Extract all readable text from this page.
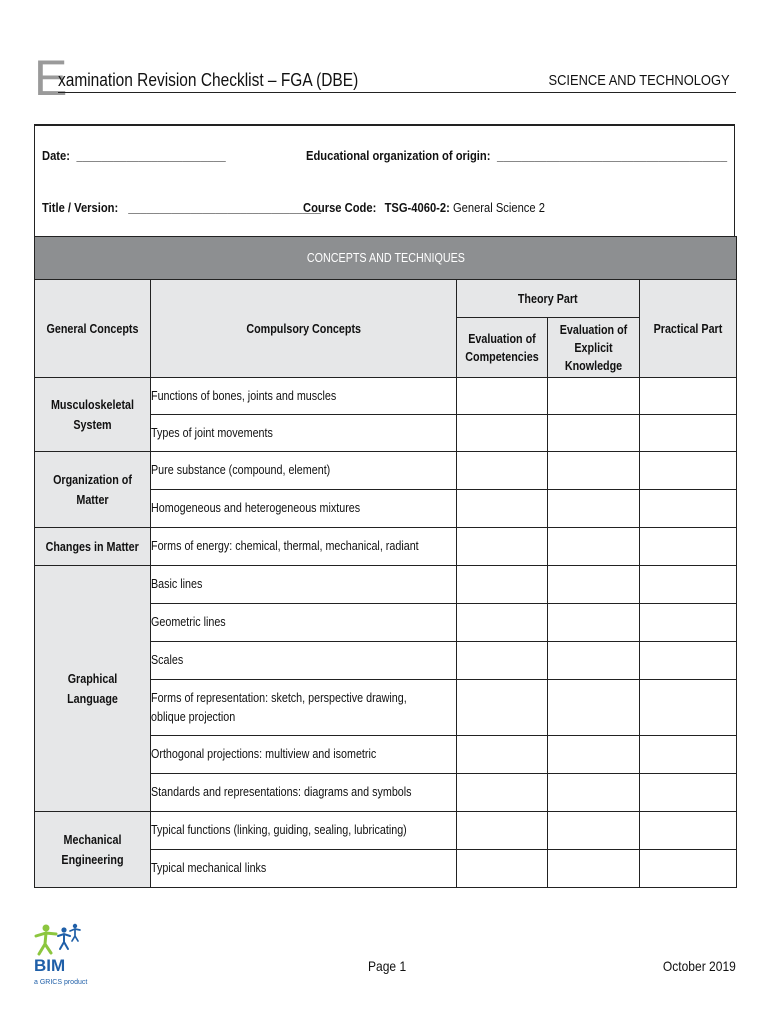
E
xamination Revision Checklist – FGA (DBE)	SCIENCE AND TECHNOLOGY
Date: ________________________	Educational organization of origin: _____________________________________
Title / Version: _______________________________
Course Code: TSG-4060-2: General Science 2
CONCEPTS AND TECHNIQUES				
General Concepts	Compulsory Concepts	Theory Part		Practical Part
		Evaluation of Competencies	Evaluation of Explicit Knowledge	
Musculoskeletal System	Functions of bones, joints and muscles			
	Types of joint movements			
Organization of Matter	Pure substance (compound, element)			
	Homogeneous and heterogeneous mixtures			
Changes in Matter	Forms of energy: chemical, thermal, mechanical, radiant			
Graphical Language	Basic lines			
	Geometric lines			
	Scales			
	Forms of representation: sketch, perspective drawing, oblique projection			
	Orthogonal projections: multiview and isometric			
	Standards and representations: diagrams and symbols			
Mechanical Engineering	Typical functions (linking, guiding, sealing, lubricating)			
	Typical mechanical links			
BIM
a GRICS product
Page 1	October 2019
